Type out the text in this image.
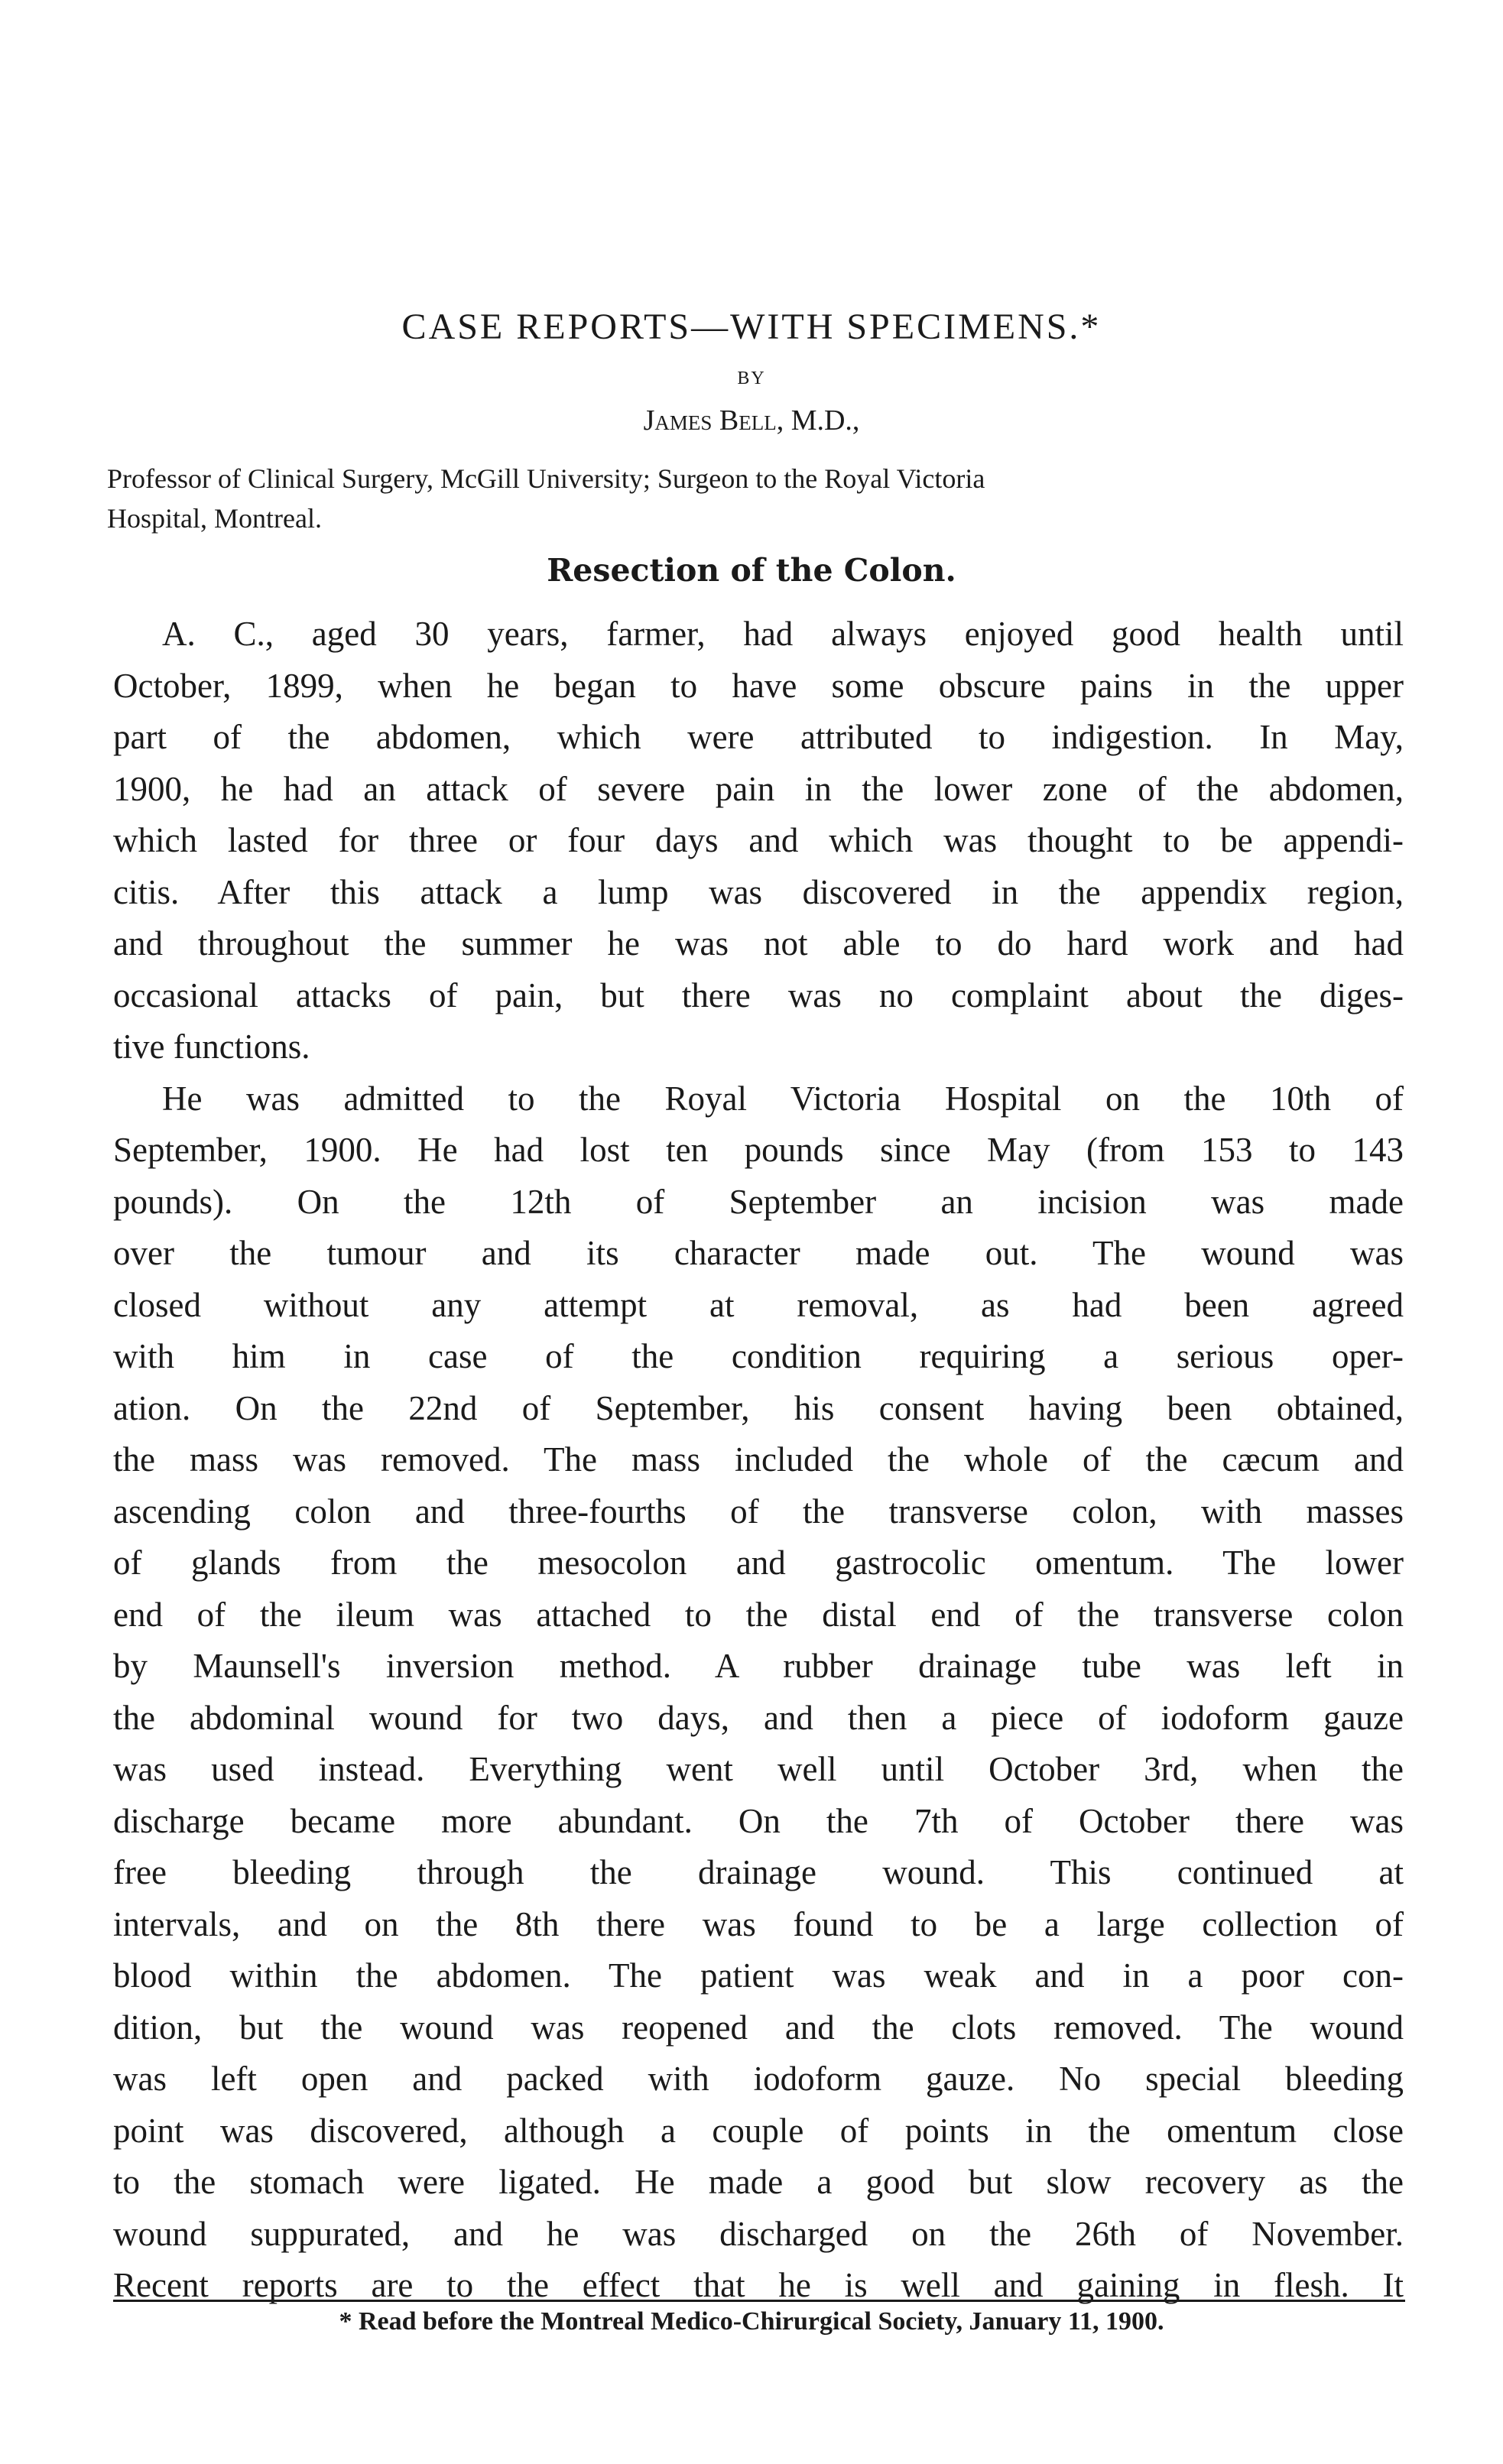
CASE REPORTS—WITH SPECIMENS.*
BY
James Bell, M.D.,
Professor of Clinical Surgery, McGill University; Surgeon to the Royal Victoria
Hospital, Montreal.
Resection of the Colon.
A. C., aged 30 years, farmer, had always enjoyed good health until
October, 1899, when he began to have some obscure pains in the upper
part of the abdomen, which were attributed to indigestion. In May,
1900, he had an attack of severe pain in the lower zone of the abdomen,
which lasted for three or four days and which was thought to be appendi-
citis. After this attack a lump was discovered in the appendix region,
and throughout the summer he was not able to do hard work and had
occasional attacks of pain, but there was no complaint about the diges-
tive functions.
He was admitted to the Royal Victoria Hospital on the 10th of
September, 1900. He had lost ten pounds since May (from 153 to 143
pounds). On the 12th of September an incision was made
over the tumour and its character made out. The wound was
closed without any attempt at removal, as had been agreed
with him in case of the condition requiring a serious oper-
ation. On the 22nd of September, his consent having been obtained,
the mass was removed. The mass included the whole of the cæcum and
ascending colon and three-fourths of the transverse colon, with masses
of glands from the mesocolon and gastrocolic omentum. The lower
end of the ileum was attached to the distal end of the transverse colon
by Maunsell's inversion method. A rubber drainage tube was left in
the abdominal wound for two days, and then a piece of iodoform gauze
was used instead. Everything went well until October 3rd, when the
discharge became more abundant. On the 7th of October there was
free bleeding through the drainage wound. This continued at
intervals, and on the 8th there was found to be a large collection of
blood within the abdomen. The patient was weak and in a poor con-
dition, but the wound was reopened and the clots removed. The wound
was left open and packed with iodoform gauze. No special bleeding
point was discovered, although a couple of points in the omentum close
to the stomach were ligated. He made a good but slow recovery as the
wound suppurated, and he was discharged on the 26th of November.
Recent reports are to the effect that he is well and gaining in flesh. It
* Read before the Montreal Medico-Chirurgical Society, January 11, 1900.
